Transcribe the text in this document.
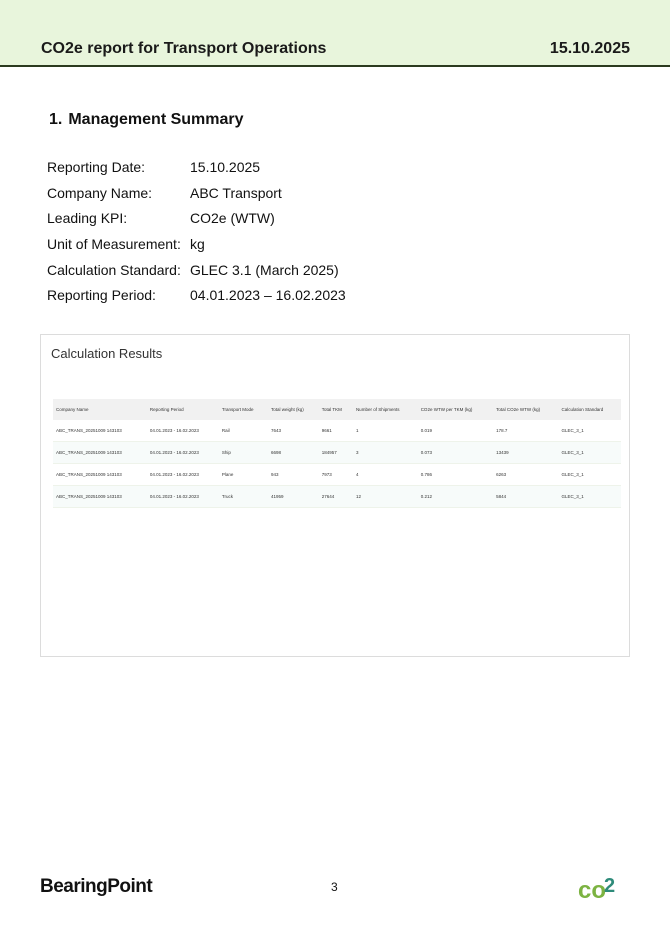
CO2e report for Transport Operations	15.10.2025
1. Management Summary
Reporting Date:	15.10.2025
Company Name:	ABC Transport
Leading KPI:	CO2e (WTW)
Unit of Measurement: kg
Calculation Standard: GLEC 3.1 (March 2025)
Reporting Period:	04.01.2023 – 16.02.2023
Calculation Results
Company Name	Reporting Period	Transport Mode	Total weight (kg)	Total TKM	Number of Shipments	CO2e WTW per TKM (kg)	Total CO2e WTW (kg)	Calculation Standard
ABC_TRANS_20251009 143103	04.01.2023 - 16.02.2023	Rail	7643	9661	1	0.019	178.7	GLEC_3_1
ABC_TRANS_20251009 143103	04.01.2023 - 16.02.2023	Ship	6698	184957	3	0.073	13439	GLEC_3_1
ABC_TRANS_20251009 143103	04.01.2023 - 16.02.2023	Plane	943	7973	4	0.786	6263	GLEC_3_1
ABC_TRANS_20251009 143103	04.01.2023 - 16.02.2023	Truck	41959	27644	12	0.212	5844	GLEC_3_1
BearingPoint	3	co
2
